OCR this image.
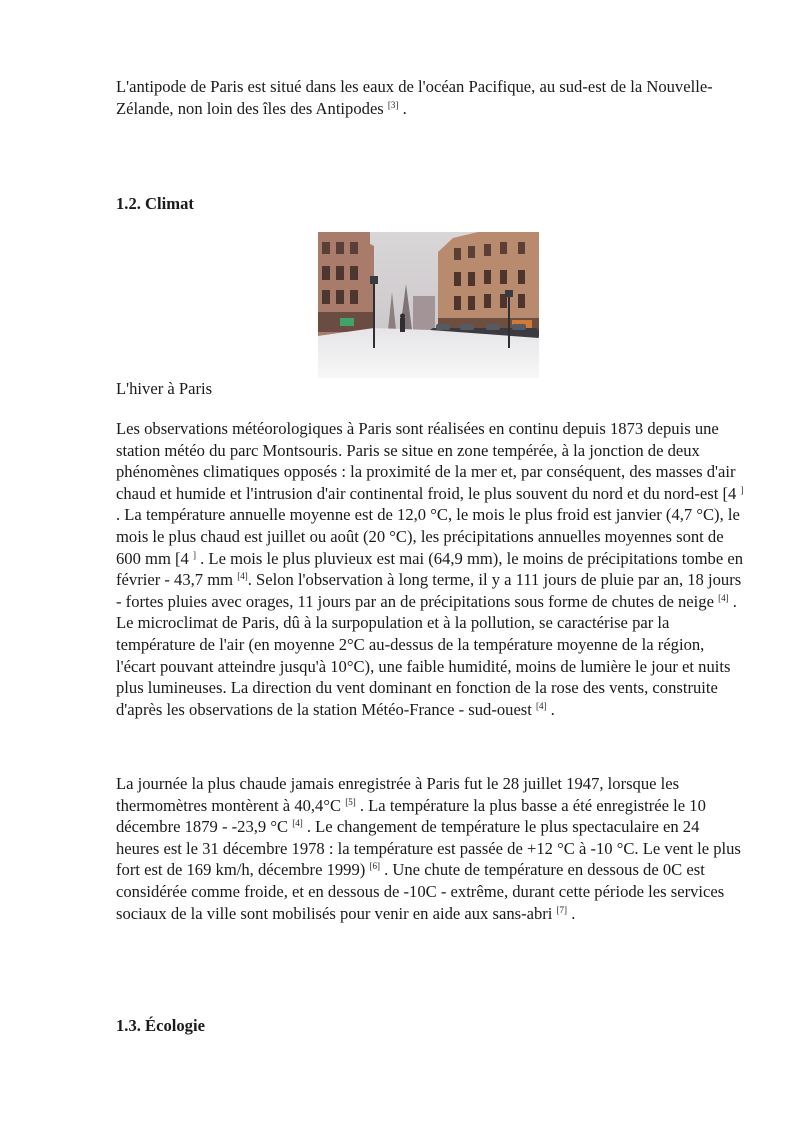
L'antipode de Paris est situé dans les eaux de l'océan Pacifique, au sud-est de la Nouvelle-Zélande, non loin des îles des Antipodes [3] .

1.2. Climat

L'hiver à Paris

Les observations météorologiques à Paris sont réalisées en continu depuis 1873 depuis une station météo du parc Montsouris. Paris se situe en zone tempérée, à la jonction de deux phénomènes climatiques opposés : la proximité de la mer et, par conséquent, des masses d'air chaud et humide et l'intrusion d'air continental froid, le plus souvent du nord et du nord-est [4 ] . La température annuelle moyenne est de 12,0 °C, le mois le plus froid est janvier (4,7 °C), le mois le plus chaud est juillet ou août (20 °C), les précipitations annuelles moyennes sont de 600 mm [4 ] . Le mois le plus pluvieux est mai (64,9 mm), le moins de précipitations tombe en février - 43,7 mm [4]. Selon l'observation à long terme, il y a 111 jours de pluie par an, 18 jours - fortes pluies avec orages, 11 jours par an de précipitations sous forme de chutes de neige [4] . Le microclimat de Paris, dû à la surpopulation et à la pollution, se caractérise par la température de l'air (en moyenne 2°C au-dessus de la température moyenne de la région, l'écart pouvant atteindre jusqu'à 10°C), une faible humidité, moins de lumière le jour et nuits plus lumineuses. La direction du vent dominant en fonction de la rose des vents, construite d'après les observations de la station Météo-France - sud-ouest [4] .

La journée la plus chaude jamais enregistrée à Paris fut le 28 juillet 1947, lorsque les thermomètres montèrent à 40,4°C [5] . La température la plus basse a été enregistrée le 10 décembre 1879 - -23,9 °C [4] . Le changement de température le plus spectaculaire en 24 heures est le 31 décembre 1978 : la température est passée de +12 °C à -10 °C. Le vent le plus fort est de 169 km/h, décembre 1999) [6] . Une chute de température en dessous de 0C est considérée comme froide, et en dessous de -10C - extrême, durant cette période les services sociaux de la ville sont mobilisés pour venir en aide aux sans-abri [7] .

1.3. Écologie
